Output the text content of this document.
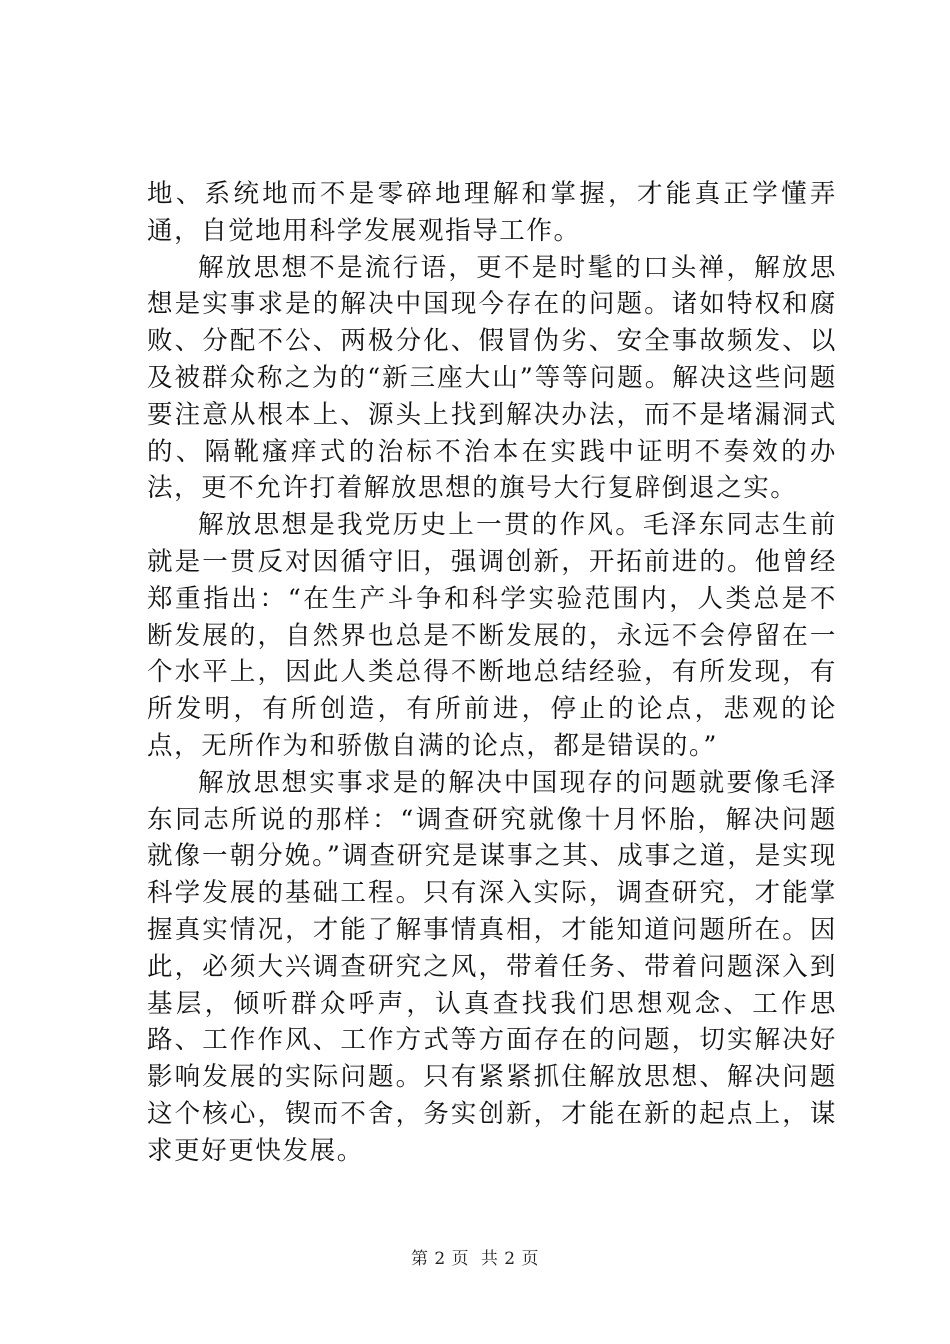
地、系统地而不是零碎地理解和掌握，才能真正学懂弄通，自觉地用科学发展观指导工作。

解放思想不是流行语，更不是时髦的口头禅，解放思想是实事求是的解决中国现今存在的问题。诸如特权和腐败、分配不公、两极分化、假冒伪劣、安全事故频发、以及被群众称之为的“新三座大山”等等问题。解决这些问题要注意从根本上、源头上找到解决办法，而不是堵漏洞式的、隔靴瘙痒式的治标不治本在实践中证明不奏效的办法，更不允许打着解放思想的旗号大行复辟倒退之实。

解放思想是我党历史上一贯的作风。毛泽东同志生前就是一贯反对因循守旧，强调创新，开拓前进的。他曾经郑重指出：“在生产斗争和科学实验范围内，人类总是不断发展的，自然界也总是不断发展的，永远不会停留在一个水平上，因此人类总得不断地总结经验，有所发现，有所发明，有所创造，有所前进，停止的论点，悲观的论点，无所作为和骄傲自满的论点，都是错误的。”

解放思想实事求是的解决中国现存的问题就要像毛泽东同志所说的那样：“调查研究就像十月怀胎，解决问题就像一朝分娩。”调查研究是谋事之其、成事之道，是实现科学发展的基础工程。只有深入实际，调查研究，才能掌握真实情况，才能了解事情真相，才能知道问题所在。因此，必须大兴调查研究之风，带着任务、带着问题深入到基层，倾听群众呼声，认真查找我们思想观念、工作思路、工作作风、工作方式等方面存在的问题，切实解决好影响发展的实际问题。只有紧紧抓住解放思想、解决问题这个核心，锲而不舍，务实创新，才能在新的起点上，谋求更好更快发展。

第 2 页  共 2 页
